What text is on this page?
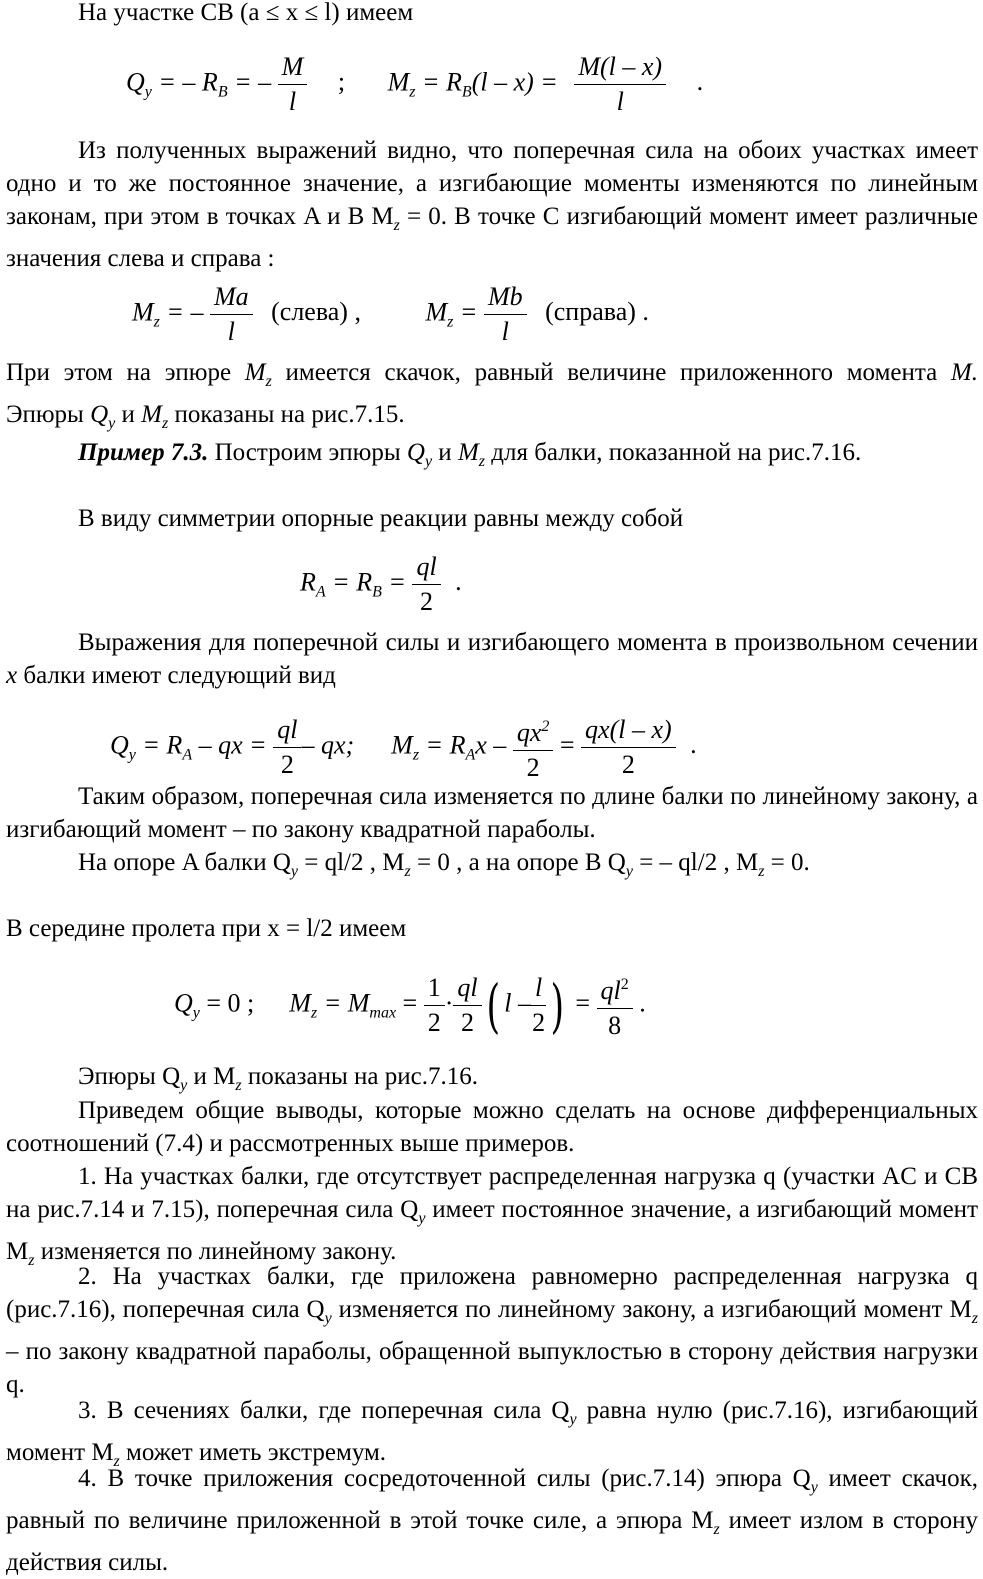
На участке CB (a ≤ x ≤ l) имеем
$Q_y$ = – $R_B$ = – $\frac{M}{l}$ ; $M_z = R_B(l - x) = \frac{M(l - x)}{l}$ .
Из полученных выражений видно, что поперечная сила на обоих участках имеет одно и то же постоянное значение, а изгибающие моменты изменяются по линейным законам, при этом в точках A и B $M_z = 0$. В точке C изгибающий момент имеет различные значения слева и справа :
$M_z$ = – $\frac{Ma}{l}$ (слева) , $M_z = \frac{Mb}{l}$ (справа) .
При этом на эпюре $M_z$ имеется скачок, равный величине приложенного момента M. Эпюры $Q_y$ и $M_z$ показаны на рис.7.15.
Пример 7.3. Построим эпюры $Q_y$ и $M_z$ для балки, показанной на рис.7.16.
В виду симметрии опорные реакции равны между собой
$R_A = R_B = \frac{ql}{2}$ .
Выражения для поперечной силы и изгибающего момента в произвольном сечении x балки имеют следующий вид
$Q_y = R_A$ – qx = $\frac{ql}{2}$ – qx; $M_z = R_Ax - \frac{qx^2}{2} = \frac{qx(l - x)}{2}$ .
Таким образом, поперечная сила изменяется по длине балки по линейному закону, а изгибающий момент – по закону квадратной параболы.
На опоре A балки $Q_y = ql/2$ , $M_z = 0$ , а на опоре B $Q_y$ = – ql/2 , $M_z = 0$.
В середине пролета при x = l/2 имеем
$Q_y = 0$ ; $M_z = M_{max} = \frac{1}{2} \cdot \frac{ql}{2}$ ( l – $\frac{l}{2}$ ) = $\frac{ql^2}{8}$ .
Эпюры $Q_y$ и $M_z$ показаны на рис.7.16.
Приведем общие выводы, которые можно сделать на основе дифференциальных соотношений (7.4) и рассмотренных выше примеров.
1. На участках балки, где отсутствует распределенная нагрузка q (участки AC и CB на рис.7.14 и 7.15), поперечная сила $Q_y$ имеет постоянное значение, а изгибающий момент $M_z$ изменяется по линейному закону.
2. На участках балки, где приложена равномерно распределенная нагрузка q (рис.7.16), поперечная сила $Q_y$ изменяется по линейному закону, а изгибающий момент $M_z$ – по закону квадратной параболы, обращенной выпуклостью в сторону действия нагрузки q.
3. В сечениях балки, где поперечная сила $Q_y$ равна нулю (рис.7.16), изгибающий момент $M_z$ может иметь экстремум.
4. В точке приложения сосредоточенной силы (рис.7.14) эпюра $Q_y$ имеет скачок, равный по величине приложенной в этой точке силе, а эпюра $M_z$ имеет излом в сторону действия силы.
